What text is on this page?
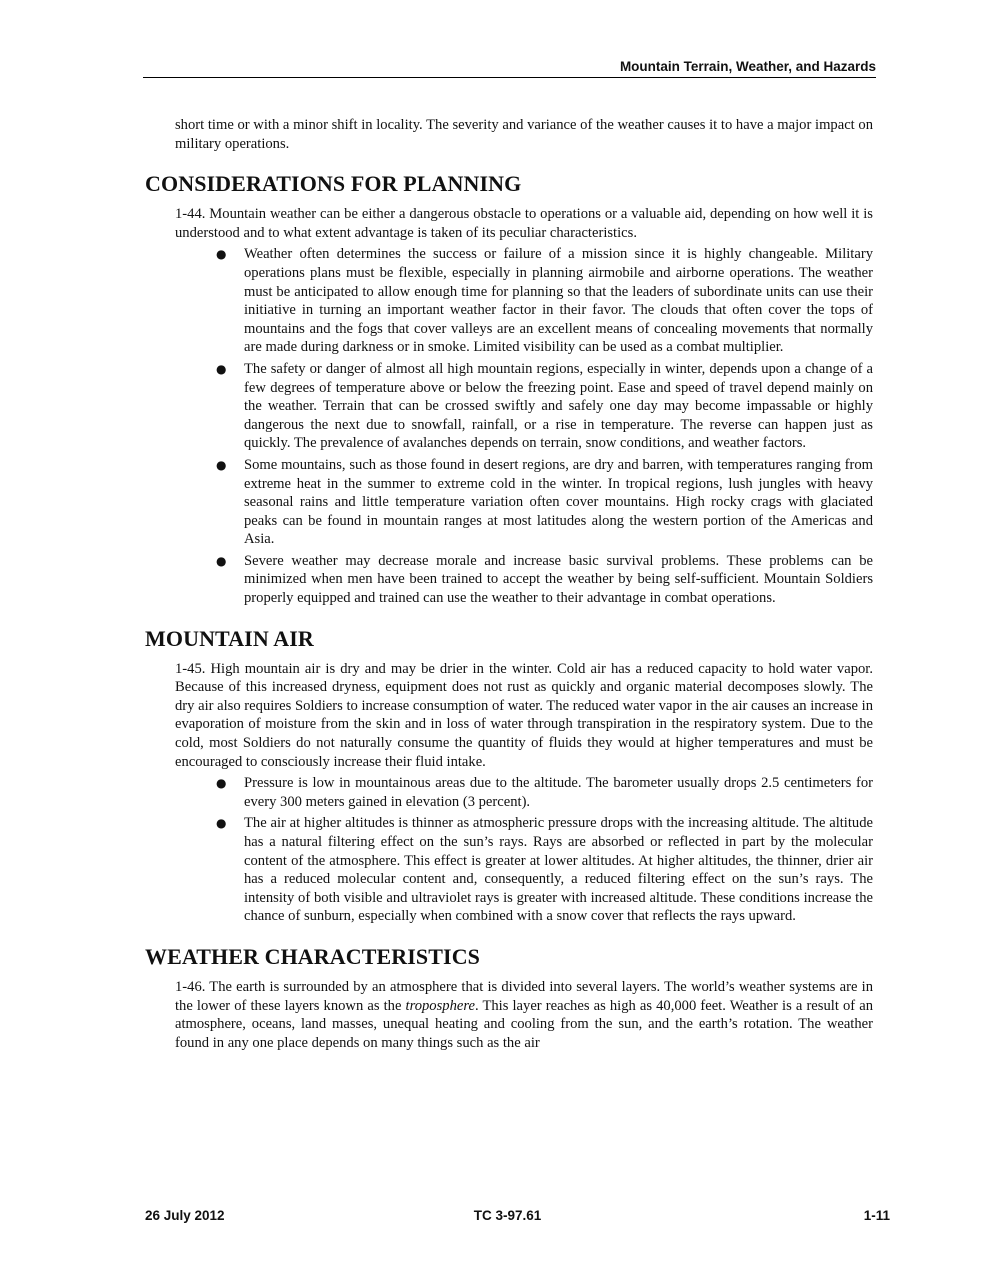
Mountain Terrain, Weather, and Hazards

short time or with a minor shift in locality. The severity and variance of the weather causes it to have a major impact on military operations.

CONSIDERATIONS FOR PLANNING

1-44. Mountain weather can be either a dangerous obstacle to operations or a valuable aid, depending on how well it is understood and to what extent advantage is taken of its peculiar characteristics.

● Weather often determines the success or failure of a mission since it is highly changeable. Military operations plans must be flexible, especially in planning airmobile and airborne operations. The weather must be anticipated to allow enough time for planning so that the leaders of subordinate units can use their initiative in turning an important weather factor in their favor. The clouds that often cover the tops of mountains and the fogs that cover valleys are an excellent means of concealing movements that normally are made during darkness or in smoke. Limited visibility can be used as a combat multiplier.
● The safety or danger of almost all high mountain regions, especially in winter, depends upon a change of a few degrees of temperature above or below the freezing point. Ease and speed of travel depend mainly on the weather. Terrain that can be crossed swiftly and safely one day may become impassable or highly dangerous the next due to snowfall, rainfall, or a rise in temperature. The reverse can happen just as quickly. The prevalence of avalanches depends on terrain, snow conditions, and weather factors.
● Some mountains, such as those found in desert regions, are dry and barren, with temperatures ranging from extreme heat in the summer to extreme cold in the winter. In tropical regions, lush jungles with heavy seasonal rains and little temperature variation often cover mountains. High rocky crags with glaciated peaks can be found in mountain ranges at most latitudes along the western portion of the Americas and Asia.
● Severe weather may decrease morale and increase basic survival problems. These problems can be minimized when men have been trained to accept the weather by being self-sufficient. Mountain Soldiers properly equipped and trained can use the weather to their advantage in combat operations.
MOUNTAIN AIR

1-45. High mountain air is dry and may be drier in the winter. Cold air has a reduced capacity to hold water vapor. Because of this increased dryness, equipment does not rust as quickly and organic material decomposes slowly. The dry air also requires Soldiers to increase consumption of water. The reduced water vapor in the air causes an increase in evaporation of moisture from the skin and in loss of water through transpiration in the respiratory system. Due to the cold, most Soldiers do not naturally consume the quantity of fluids they would at higher temperatures and must be encouraged to consciously increase their fluid intake.

● Pressure is low in mountainous areas due to the altitude. The barometer usually drops 2.5 centimeters for every 300 meters gained in elevation (3 percent).
● The air at higher altitudes is thinner as atmospheric pressure drops with the increasing altitude. The altitude has a natural filtering effect on the sun’s rays. Rays are absorbed or reflected in part by the molecular content of the atmosphere. This effect is greater at lower altitudes. At higher altitudes, the thinner, drier air has a reduced molecular content and, consequently, a reduced filtering effect on the sun’s rays. The intensity of both visible and ultraviolet rays is greater with increased altitude. These conditions increase the chance of sunburn, especially when combined with a snow cover that reflects the rays upward.
WEATHER CHARACTERISTICS

1-46. The earth is surrounded by an atmosphere that is divided into several layers. The world’s weather systems are in the lower of these layers known as the troposphere. This layer reaches as high as 40,000 feet. Weather is a result of an atmosphere, oceans, land masses, unequal heating and cooling from the sun, and the earth’s rotation. The weather found in any one place depends on many things such as the air

26 July 2012	TC 3-97.61	1-11
